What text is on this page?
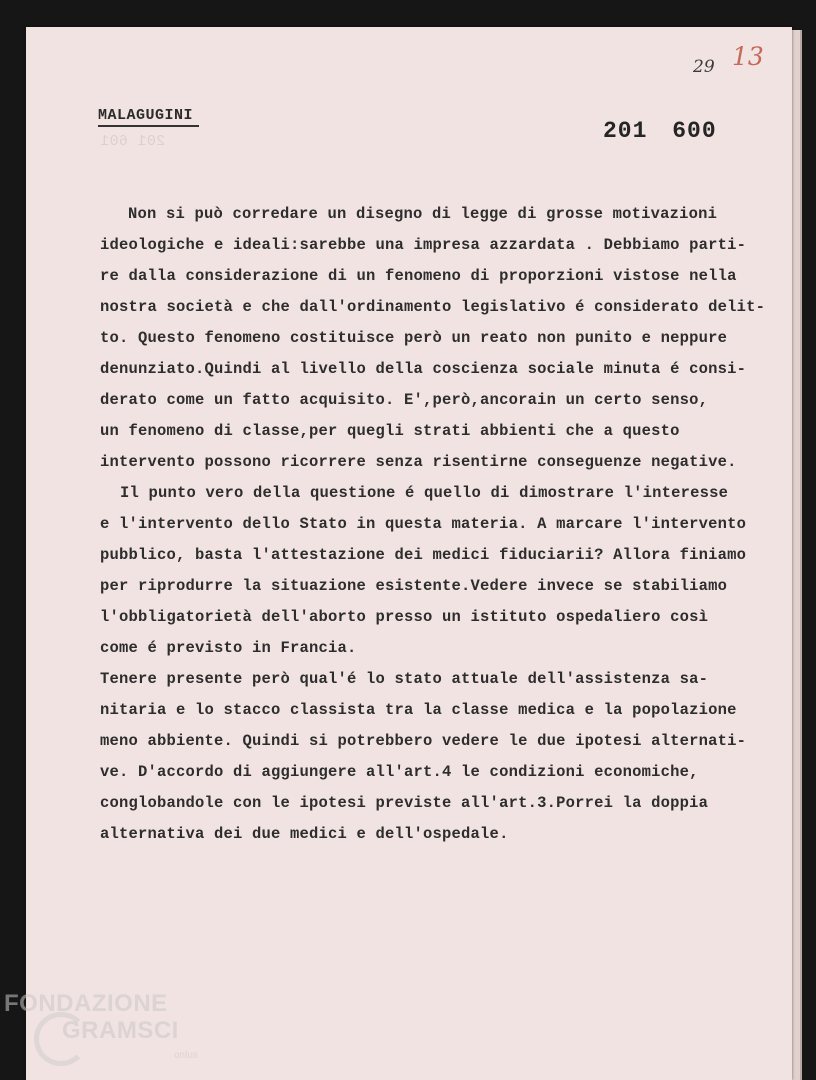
201 601
29 13
MALAGUGINI
201 600
Non si può corredare un disegno di legge di grosse motivazioni
ideologiche e ideali:sarebbe una impresa azzardata . Debbiamo parti-
re dalla considerazione di un fenomeno di proporzioni vistose nella
nostra società e che dall'ordinamento legislativo é considerato delit-
to. Questo fenomeno costituisce però un reato non punito e neppure
denunziato.Quindi al livello della coscienza sociale minuta é consi-
derato come un fatto acquisito. E',però,ancorain un certo senso,
un fenomeno di classe,per quegli strati abbienti che a questo
intervento possono ricorrere senza risentirne conseguenze negative.
Il punto vero della questione é quello di dimostrare l'interesse
e l'intervento dello Stato in questa materia. A marcare l'intervento
pubblico, basta l'attestazione dei medici fiduciarii? Allora finiamo
per riprodurre la situazione esistente.Vedere invece se stabiliamo
l'obbligatorietà dell'aborto presso un istituto ospedaliero così
come é previsto in Francia.
Tenere presente però qual'é lo stato attuale dell'assistenza sa-
nitaria e lo stacco classista tra la classe medica e la popolazione
meno abbiente. Quindi si potrebbero vedere le due ipotesi alternati-
ve. D'accordo di aggiungere all'art.4 le condizioni economiche,
conglobandole con le ipotesi previste all'art.3.Porrei la doppia
alternativa dei due medici e dell'ospedale.
FONDAZIONE
GRAMSCI
onlus
